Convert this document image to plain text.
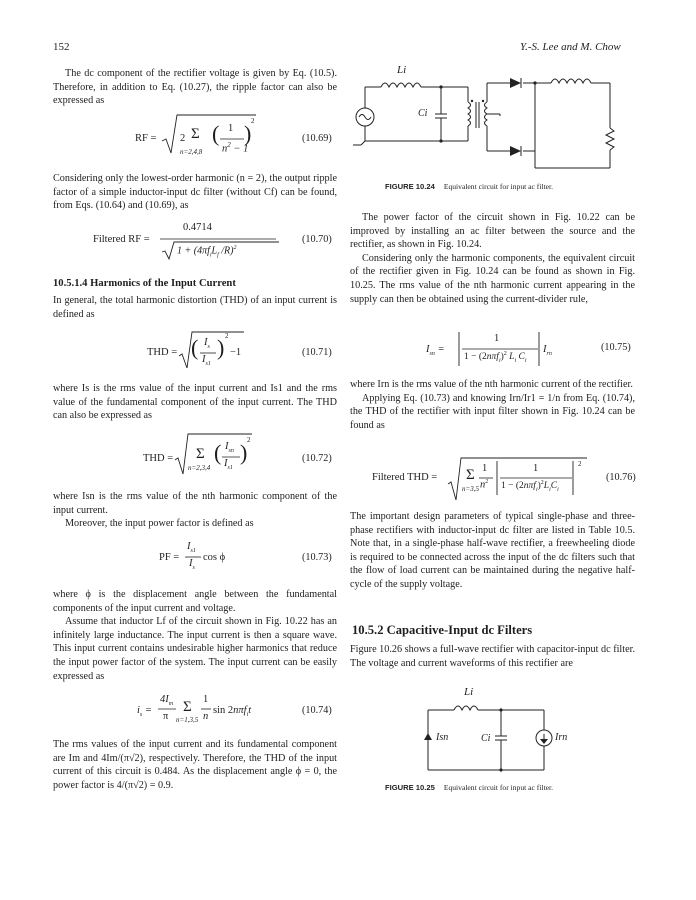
152	Y.-S. Lee and M. Chow

The dc component of the rectifier voltage is given by Eq. (10.5). Therefore, in addition to Eq. (10.27), the ripple factor can also be expressed as

RF = 2 Σ
n=2,4,8
( 1
$n^2 - 1$
) 2
(10.69)

Considering only the lowest-order harmonic (n = 2), the output ripple factor of a simple inductor-input dc filter (without Cf) can be found, from Eqs. (10.64) and (10.69), as

Filtered RF =
0.4714
$1 + (4\pi f_iL_f$ /R)$^2$
(10.70)
10.5.1.4 Harmonics of the Input Current

In general, the total harmonic distortion (THD) of an input current is defined as

THD = ( $I_s$
$I_{s1}$
) 2
−1	(10.71)

where Is is the rms value of the input current and Is1 and the rms value of the fundamental component of the input current. The THD can also be expressed as

THD = Σ
n=2,3,4
( $I_{sn}$
$I_{s1}$
) 2
(10.72)

where Isn is the rms value of the nth harmonic component of the input current.

Moreover, the input power factor is defined as

PF =
$I_{s1}$
$I_s$
cos ϕ	(10.73)

where ϕ is the displacement angle between the fundamental components of the input current and voltage.

Assume that inductor Lf of the circuit shown in Fig. 10.22 has an infinitely large inductance. The input current is then a square wave. This input current contains undesirable higher harmonics that reduce the input power factor of the system. The input current can be easily expressed as

$i_s$ =
$4I_m$
π
Σ
n=1,3,5
1
n
sin 2nπf$_i$t	(10.74)

The rms values of the input current and its fundamental component are Im and 4Im/(π√2), respectively. Therefore, the THD of the input current of this circuit is 0.484. As the displacement angle ϕ = 0, the power factor is 4/(π√2) = 0.9.

Li
Ci
FIGURE 10.24 Equivalent circuit for input ac filter.

The power factor of the circuit shown in Fig. 10.22 can be improved by installing an ac filter between the source and the rectifier, as shown in Fig. 10.24.

Considering only the harmonic components, the equivalent circuit of the rectifier given in Fig. 10.24 can be found as shown in Fig. 10.25. The rms value of the nth harmonic current appearing in the supply can then be obtained using the current-divider rule,

$I_{sn}$ =
1
$1 - (2n\pi f_i)^2$ $L_i$ $C_i$
$I_{rn}$
(10.75)

where Irn is the rms value of the nth harmonic current of the rectifier.

Applying Eq. (10.73) and knowing Irn/Ir1 = 1/n from Eq. (10.74), the THD of the rectifier with input filter shown in Fig. 10.24 can be found as

Filtered THD = Σ
n=3,5
1
$n^2$
1
$1 - (2n\pi f_i)^2L_iC_i$
2
(10.76)

The important design parameters of typical single-phase and three-phase rectifiers with inductor-input dc filter are listed in Table 10.5. Note that, in a single-phase half-wave rectifier, a freewheeling diode is required to be connected across the input of the dc filters such that the flow of load current can be maintained during the negative half-cycle of the supply voltage.

10.5.2 Capacitive-Input dc Filters

Figure 10.26 shows a full-wave rectifier with capacitor-input dc filter. The voltage and current waveforms of this rectifier are

Li
Ci
Isn	Irn
FIGURE 10.25 Equivalent circuit for input ac filter.
